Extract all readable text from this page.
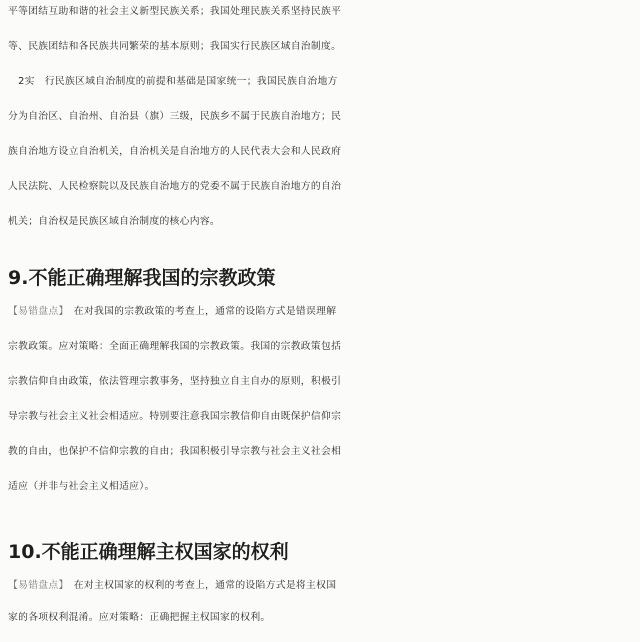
平等团结互助和谐的社会主义新型民族关系；我国处理民族关系坚持民族平
等、民族团结和各民族共同繁荣的基本原则；我国实行民族区域自治制度。
　2实　行民族区域自治制度的前提和基础是国家统一；我国民族自治地方
分为自治区、自治州、自治县（旗）三级，民族乡不属于民族自治地方；民
族自治地方设立自治机关，自治机关是自治地方的人民代表大会和人民政府
人民法院、人民检察院以及民族自治地方的党委不属于民族自治地方的自治
机关；自治权是民族区域自治制度的核心内容。
9.不能正确理解我国的宗教政策
【易错盘点】　在对我国的宗教政策的考查上，通常的设陷方式是错误理解
宗教政策。应对策略：全面正确理解我国的宗教政策。我国的宗教政策包括
宗教信仰自由政策，依法管理宗教事务，坚持独立自主自办的原则，积极引
导宗教与社会主义社会相适应。特别要注意我国宗教信仰自由既保护信仰宗
教的自由，也保护不信仰宗教的自由；我国积极引导宗教与社会主义社会相
适应（并非与社会主义相适应）。
10.不能正确理解主权国家的权利
【易错盘点】　在对主权国家的权利的考查上，通常的设陷方式是将主权国
家的各项权利混淆。应对策略：正确把握主权国家的权利。
